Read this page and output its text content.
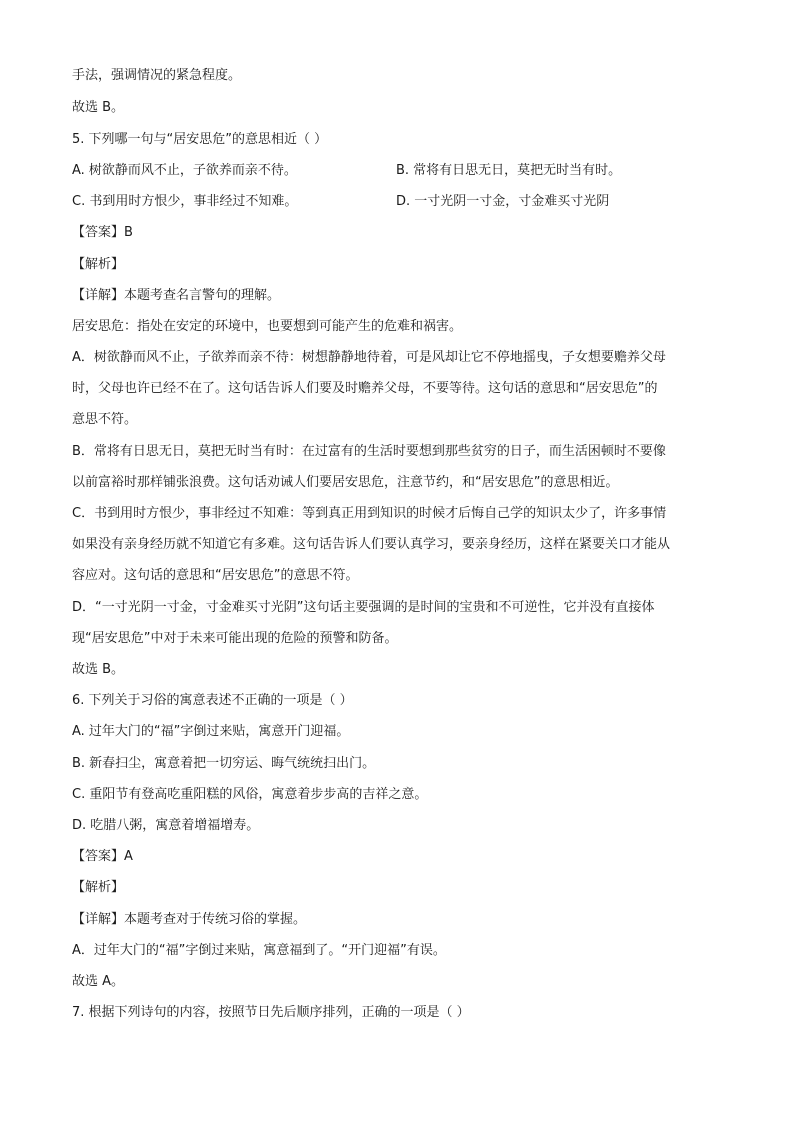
手法，强调情况的紧急程度。
故选 B。
5. 下列哪一句与“居安思危”的意思相近（ ）
A. 树欲静而风不止，子欲养而亲不待。	B. 常将有日思无日，莫把无时当有时。
C. 书到用时方恨少，事非经过不知难。	D. 一寸光阴一寸金，寸金难买寸光阴
【答案】B
【解析】
【详解】本题考查名言警句的理解。
居安思危：指处在安定的环境中，也要想到可能产生的危难和祸害。
A．树欲静而风不止，子欲养而亲不待：树想静静地待着，可是风却让它不停地摇曳，子女想要赡养父母
时，父母也许已经不在了。这句话告诉人们要及时赡养父母，不要等待。这句话的意思和“居安思危”的
意思不符。
B．常将有日思无日，莫把无时当有时：在过富有的生活时要想到那些贫穷的日子，而生活困顿时不要像
以前富裕时那样铺张浪费。这句话劝诫人们要居安思危，注意节约，和“居安思危”的意思相近。
C．书到用时方恨少，事非经过不知难：等到真正用到知识的时候才后悔自己学的知识太少了，许多事情
如果没有亲身经历就不知道它有多难。这句话告诉人们要认真学习，要亲身经历，这样在紧要关口才能从
容应对。这句话的意思和“居安思危”的意思不符。
D．“一寸光阴一寸金，寸金难买寸光阴”这句话主要强调的是时间的宝贵和不可逆性，它并没有直接体
现“居安思危”中对于未来可能出现的危险的预警和防备。
故选 B。
6. 下列关于习俗的寓意表述不正确的一项是（ ）
A. 过年大门的“福”字倒过来贴，寓意开门迎福。
B. 新春扫尘，寓意着把一切穷运、晦气统统扫出门。
C. 重阳节有登高吃重阳糕的风俗，寓意着步步高的吉祥之意。
D. 吃腊八粥，寓意着增福增寿。
【答案】A
【解析】
【详解】本题考查对于传统习俗的掌握。
A．过年大门的“福”字倒过来贴，寓意福到了。“开门迎福”有误。
故选 A。
7. 根据下列诗句的内容，按照节日先后顺序排列，正确的一项是（ ）
